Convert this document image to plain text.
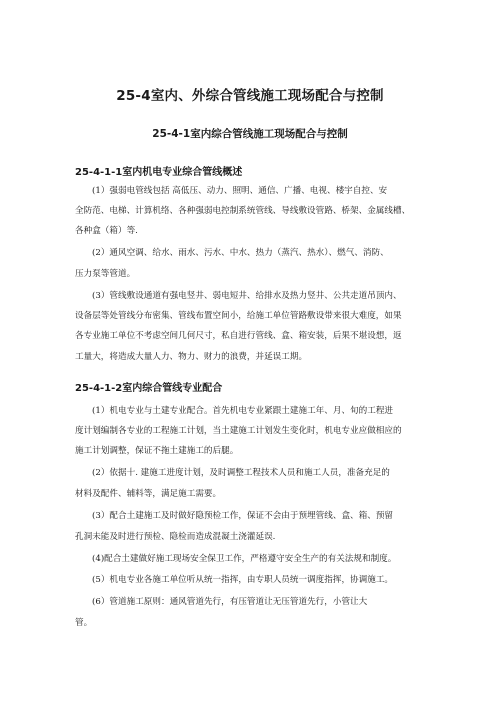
25-4室内、外综合管线施工现场配合与控制
25-4-1室内综合管线施工现场配合与控制
25-4-1-1室内机电专业综合管线概述
(1）强弱电管线包括 高低压、动力、照明、通信、广播、电视、楼宇自控、安
全防范、电梯、计算机络、各种强弱电控制系统管线、导线敷设管路、桥架、金属线槽、
各种盒（箱）等.
(2）通风空调、给水、雨水、污水、中水、热力（蒸汽、热水）、燃气、消防、
压力泵等管道。
(3）管线敷设通道有强电竖井、弱电短井、给排水及热力竖井、公共走道吊顶内、
设备层等处管线分布密集、管线布置空间小，给施工单位管路敷设带来很大难度，如果
各专业施工单位不考虑空间几何尺寸，私自进行管线、盒、箱安装，后果不堪设想，返
工量大，将造成大量人力、物力、财力的浪费，并延误工期。
25-4-1-2室内综合管线专业配合
(1）机电专业与土建专业配合。首先机电专业紧跟土建施工年、月、旬的工程进
度计划编制各专业的工程施工计划，当土建施工计划发生变化时，机电专业应做相应的
施工计划调整，保证不拖土建施工的后腿。
(2）依据十. 建施工进度计划，及时调整工程技术人员和施工人员，准备充足的
材料及配件、辅料等，满足施工需要。
(3）配合土建施工及时做好隐预检工作，保证不会由于预埋管线、盒、箱、预留
孔洞未能及时进行预检、隐检而造成混凝土浇灌延误.
(4)配合土建做好施工现场安全保卫工作，严格遵守安全生产的有关法规和制度。
(5）机电专业各施工单位听从统一指挥，由专职人员统一调度指挥，协调施工。
(6）管道施工原则：通风管道先行，有压管道让无压管道先行，小管让大
管。
